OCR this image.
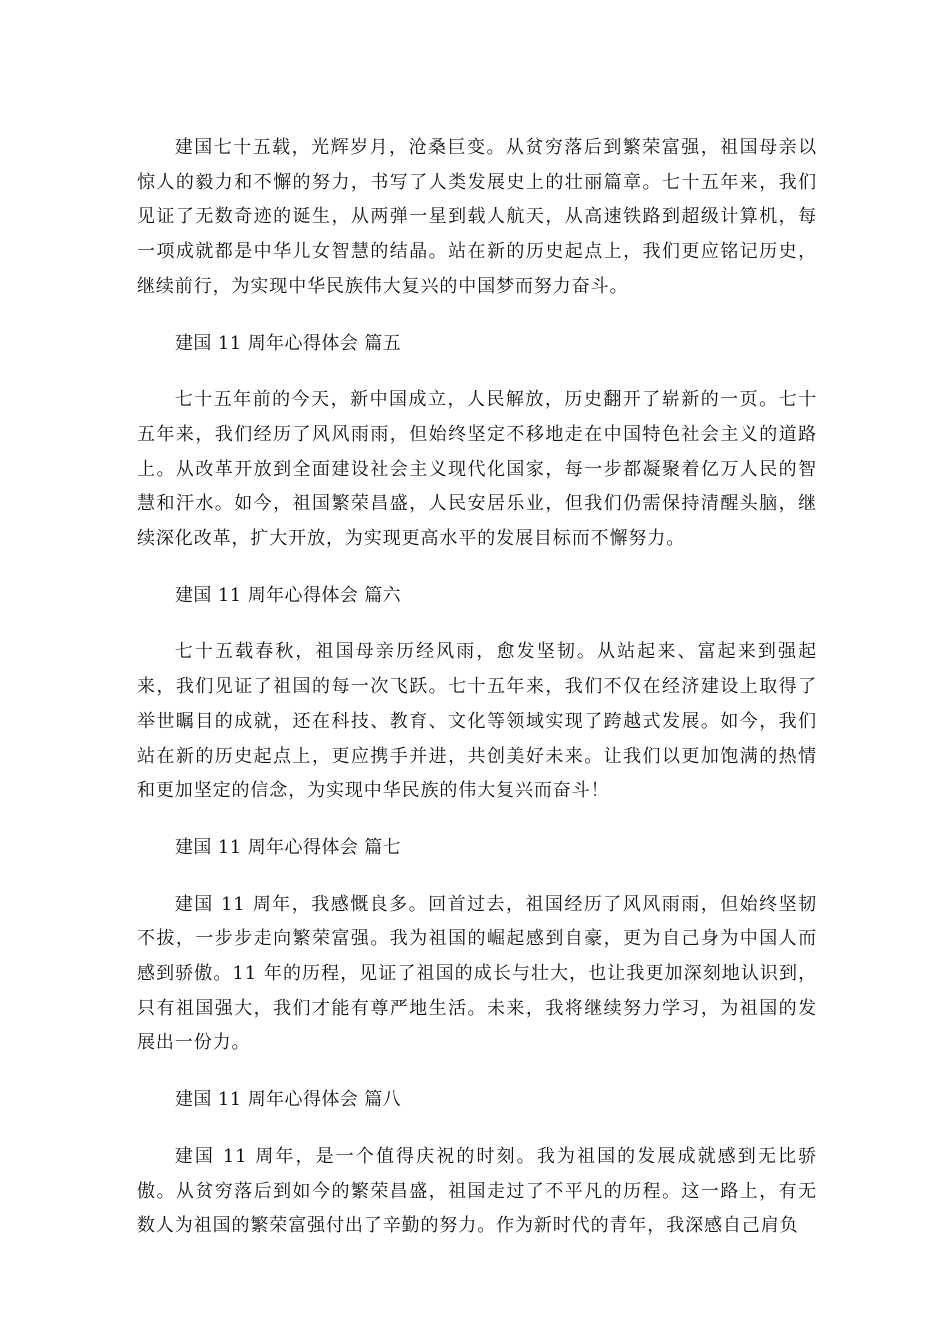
建国七十五载，光辉岁月，沧桑巨变。从贫穷落后到繁荣富强，祖国母亲以惊人的毅力和不懈的努力，书写了人类发展史上的壮丽篇章。七十五年来，我们见证了无数奇迹的诞生，从两弹一星到载人航天，从高速铁路到超级计算机，每一项成就都是中华儿女智慧的结晶。站在新的历史起点上，我们更应铭记历史，继续前行，为实现中华民族伟大复兴的中国梦而努力奋斗。

建国 11 周年心得体会 篇五

七十五年前的今天，新中国成立，人民解放，历史翻开了崭新的一页。七十五年来，我们经历了风风雨雨，但始终坚定不移地走在中国特色社会主义的道路上。从改革开放到全面建设社会主义现代化国家，每一步都凝聚着亿万人民的智慧和汗水。如今，祖国繁荣昌盛，人民安居乐业，但我们仍需保持清醒头脑，继续深化改革，扩大开放，为实现更高水平的发展目标而不懈努力。

建国 11 周年心得体会 篇六

七十五载春秋，祖国母亲历经风雨，愈发坚韧。从站起来、富起来到强起来，我们见证了祖国的每一次飞跃。七十五年来，我们不仅在经济建设上取得了举世瞩目的成就，还在科技、教育、文化等领域实现了跨越式发展。如今，我们站在新的历史起点上，更应携手并进，共创美好未来。让我们以更加饱满的热情和更加坚定的信念，为实现中华民族的伟大复兴而奋斗！

建国 11 周年心得体会 篇七

建国 11 周年，我感慨良多。回首过去，祖国经历了风风雨雨，但始终坚韧不拔，一步步走向繁荣富强。我为祖国的崛起感到自豪，更为自己身为中国人而感到骄傲。11 年的历程，见证了祖国的成长与壮大，也让我更加深刻地认识到，只有祖国强大，我们才能有尊严地生活。未来，我将继续努力学习，为祖国的发展出一份力。

建国 11 周年心得体会 篇八

建国 11 周年，是一个值得庆祝的时刻。我为祖国的发展成就感到无比骄傲。从贫穷落后到如今的繁荣昌盛，祖国走过了不平凡的历程。这一路上，有无数人为祖国的繁荣富强付出了辛勤的努力。作为新时代的青年，我深感自己肩负
